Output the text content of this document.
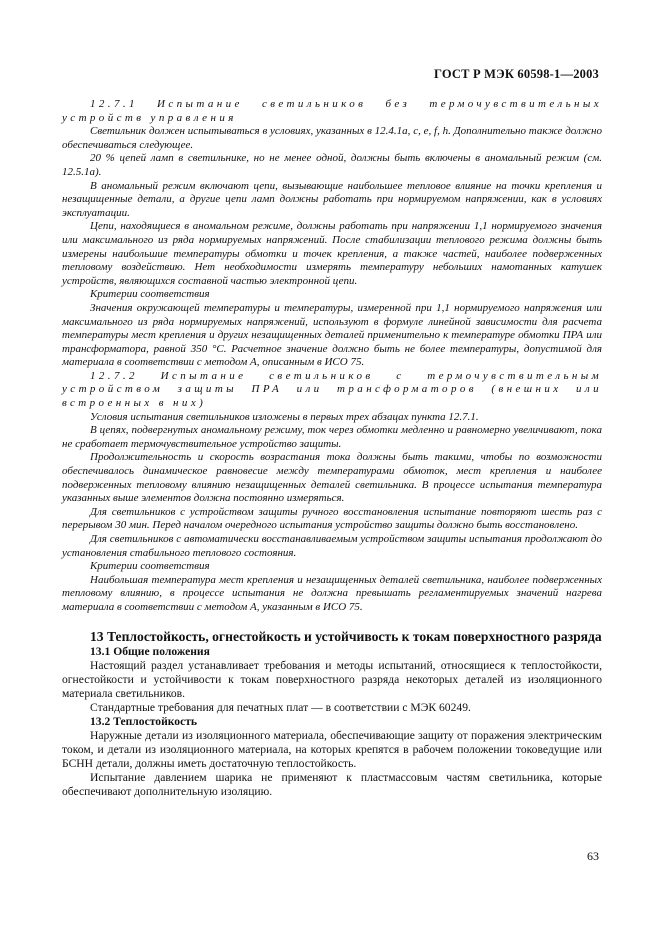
ГОСТ Р МЭК 60598-1—2003

12.7.1 Испытание светильников без термочувствительных устройств управления

Светильник должен испытываться в условиях, указанных в 12.4.1а, с, е, f, h. Дополнительно также должно обеспечиваться следующее.

20 % цепей ламп в светильнике, но не менее одной, должны быть включены в аномальный режим (см. 12.5.1а).

В аномальный режим включают цепи, вызывающие наибольшее тепловое влияние на точки крепления и незащищенные детали, а другие цепи ламп должны работать при нормируемом напряжении, как в условиях эксплуатации.

Цепи, находящиеся в аномальном режиме, должны работать при напряжении 1,1 нормируемого значения или максимального из ряда нормируемых напряжений. После стабилизации теплового режима должны быть измерены наибольшие температуры обмотки и точек крепления, а также частей, наиболее подверженных тепловому воздействию. Нет необходимости измерять температуру небольших намотанных катушек устройств, являющихся составной частью электронной цепи.

Критерии соответствия

Значения окружающей температуры и температуры, измеренной при 1,1 нормируемого напряжения или максимального из ряда нормируемых напряжений, используют в формуле линейной зависимости для расчета температуры мест крепления и других незащищенных деталей применительно к температуре обмотки ПРА или трансформатора, равной 350 °С. Расчетное значение должно быть не более температуры, допустимой для материала в соответствии с методом А, описанным в ИСО 75.

12.7.2 Испытание светильников с термочувствительным устройством защиты ПРА или трансформаторов (внешних или встроенных в них)

Условия испытания светильников изложены в первых трех абзацах пункта 12.7.1.

В цепях, подвергнутых аномальному режиму, ток через обмотки медленно и равномерно увеличивают, пока не сработает термочувствительное устройство защиты.

Продолжительность и скорость возрастания тока должны быть такими, чтобы по возможности обеспечивалось динамическое равновесие между температурами обмоток, мест крепления и наиболее подверженных тепловому влиянию незащищенных деталей светильника. В процессе испытания температура указанных выше элементов должна постоянно измеряться.

Для светильников с устройством защиты ручного восстановления испытание повторяют шесть раз с перерывом 30 мин. Перед началом очередного испытания устройство защиты должно быть восстановлено.

Для светильников с автоматически восстанавливаемым устройством защиты испытания продолжают до установления стабильного теплового состояния.

Критерии соответствия

Наибольшая температура мест крепления и незащищенных деталей светильника, наиболее подверженных тепловому влиянию, в процессе испытания не должна превышать регламентируемых значений нагрева материала в соответствии с методом А, указанным в ИСО 75.

13 Теплостойкость, огнестойкость и устойчивость к токам поверхностного разряда

13.1 Общие положения

Настоящий раздел устанавливает требования и методы испытаний, относящиеся к теплостойкости, огнестойкости и устойчивости к токам поверхностного разряда некоторых деталей из изоляционного материала светильников.

Стандартные требования для печатных плат — в соответствии с МЭК 60249.

13.2 Теплостойкость

Наружные детали из изоляционного материала, обеспечивающие защиту от поражения электрическим током, и детали из изоляционного материала, на которых крепятся в рабочем положении токоведущие или БСНН детали, должны иметь достаточную теплостойкость.

Испытание давлением шарика не применяют к пластмассовым частям светильника, которые обеспечивают дополнительную изоляцию.

63
